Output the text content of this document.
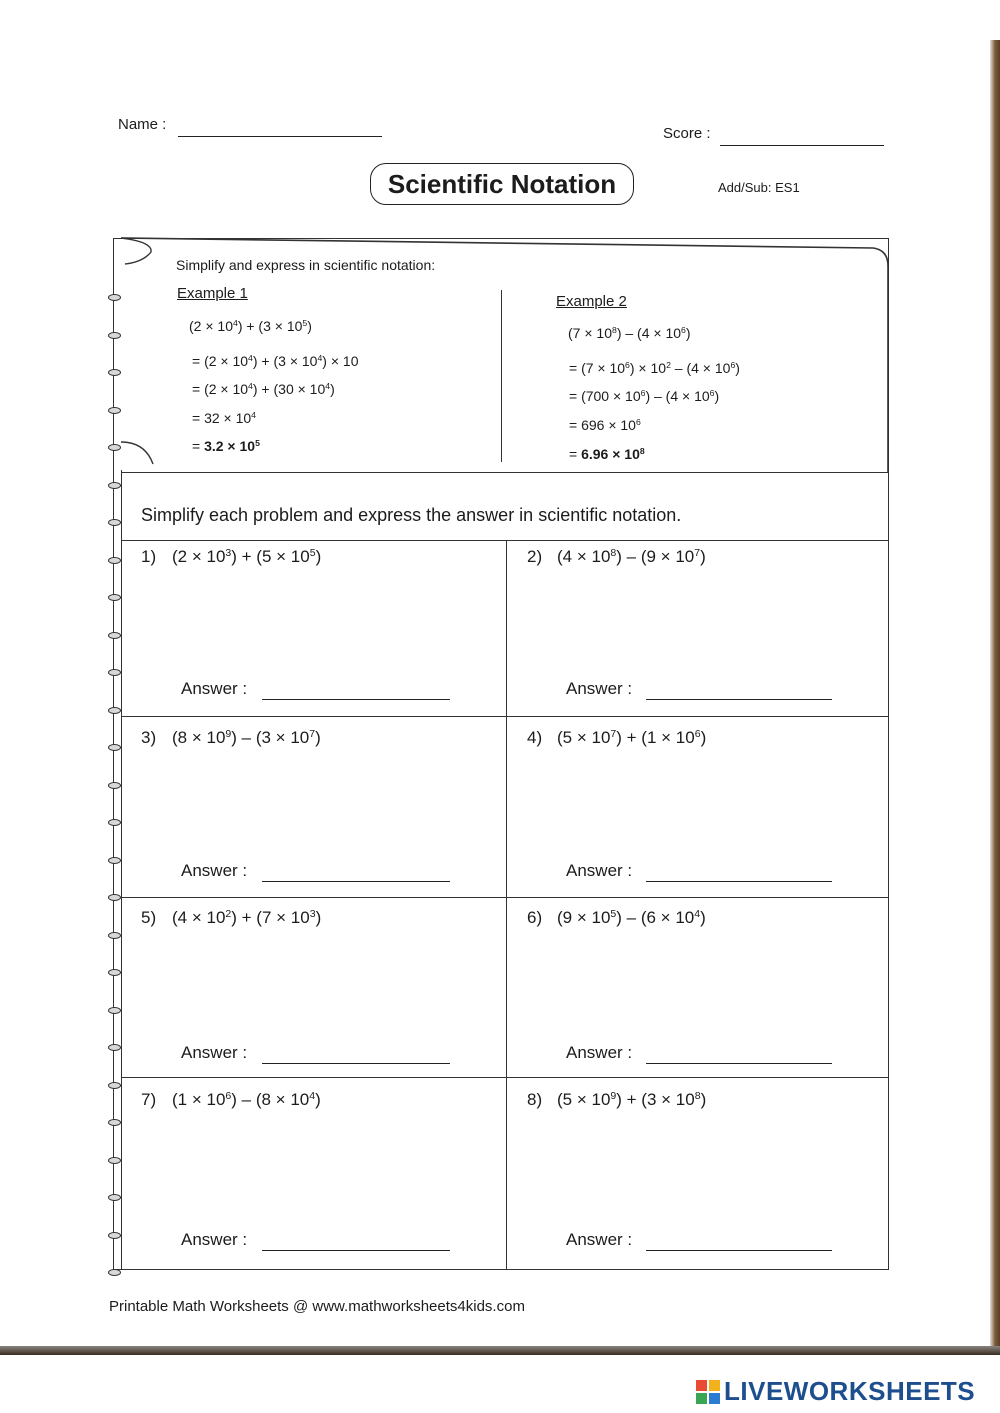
Name :
Score :
Scientific Notation	Add/Sub: ES1
Simplify and express in scientific notation:
Example 1
$(2 \times 10^4) + (3 \times 10^5)$
= $(2 \times 10^4) + (3 \times 10^4) \times 10$
= $(2 \times 10^4) + (30 \times 10^4)$
= $32 \times 10^4$
= $3.2 \times 10^5$
Example 2
$(7 \times 10^8) - (4 \times 10^6)$
= $(7 \times 10^6) \times 10^2 - (4 \times 10^6)$
= $(700 \times 10^6) - (4 \times 10^6)$
= $696 \times 10^6$
= $6.96 \times 10^8$
Simplify each problem and express the answer in scientific notation.
1) $(2 \times 10^3) + (5 \times 10^5)$
Answer :
2) $(4 \times 10^8) - (9 \times 10^7)$
Answer :
3) $(8 \times 10^9) - (3 \times 10^7)$
Answer :
4) $(5 \times 10^7) + (1 \times 10^6)$
Answer :
5) $(4 \times 10^2) + (7 \times 10^3)$
Answer :
6) $(9 \times 10^5) - (6 \times 10^4)$
Answer :
7) $(1 \times 10^6) - (8 \times 10^4)$
Answer :
8) $(5 \times 10^9) + (3 \times 10^8)$
Answer :
Printable Math Worksheets @ www.mathworksheets4kids.com
LIVEWORKSHEETS
